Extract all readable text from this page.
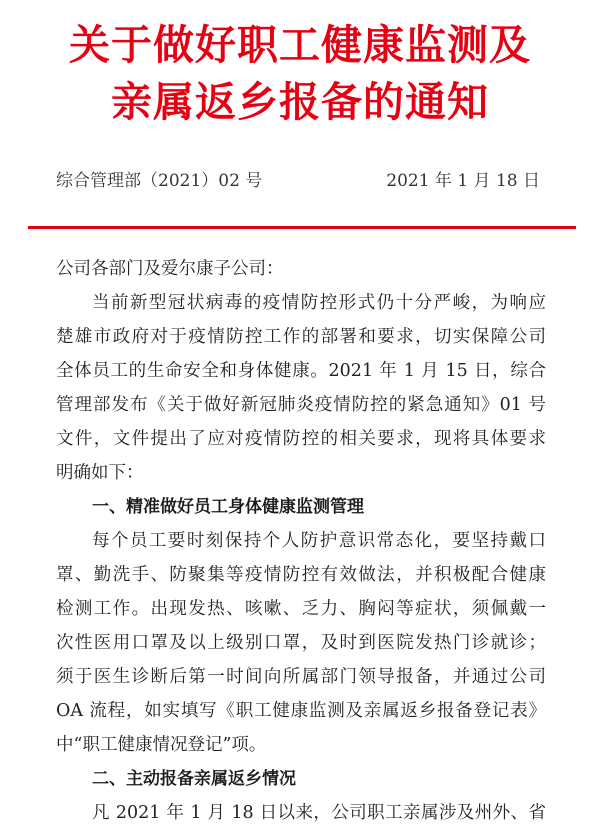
关于做好职工健康监测及
亲属返乡报备的通知
综合管理部（2021）02 号	2021 年 1 月 18 日
公司各部门及爱尔康子公司：
当前新型冠状病毒的疫情防控形式仍十分严峻，为响应
楚雄市政府对于疫情防控工作的部署和要求，切实保障公司
全体员工的生命安全和身体健康。2021 年 1 月 15 日，综合
管理部发布《关于做好新冠肺炎疫情防控的紧急通知》01 号
文件，文件提出了应对疫情防控的相关要求，现将具体要求
明确如下：
一、精准做好员工身体健康监测管理
每个员工要时刻保持个人防护意识常态化，要坚持戴口
罩、勤洗手、防聚集等疫情防控有效做法，并积极配合健康
检测工作。出现发热、咳嗽、乏力、胸闷等症状，须佩戴一
次性医用口罩及以上级别口罩，及时到医院发热门诊就诊；
须于医生诊断后第一时间向所属部门领导报备，并通过公司
OA 流程，如实填写《职工健康监测及亲属返乡报备登记表》
中“职工健康情况登记”项。
二、主动报备亲属返乡情况
凡 2021 年 1 月 18 日以来，公司职工亲属涉及州外、省
